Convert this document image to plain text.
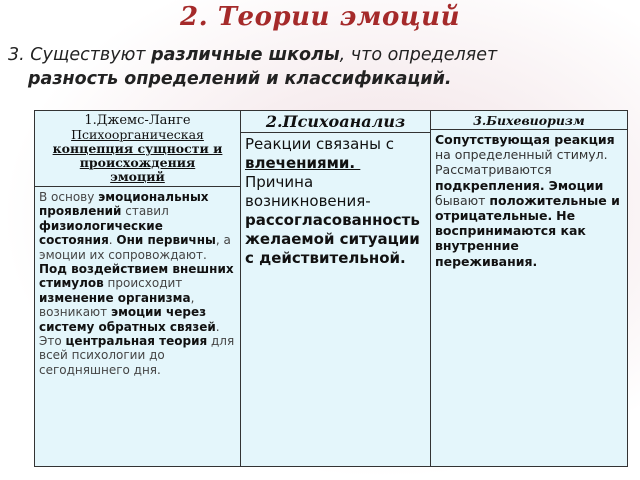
2. Теории эмоций
3. Существуют различные школы, что определяет
разность определений и классификаций.
1.Джемс-Ланге
Психоорганическая
концепция сущности и
происхождения
эмоций
В основу эмоциональных проявлений ставил физиологические состояния. Они первичны, а эмоции их сопровождают. Под воздействием внешних стимулов происходит изменение организма, возникают эмоции через систему обратных связей. Это центральная теория для всей психологии до сегодняшнего дня.
2.Психоанализ
Реакции связаны с влечениями.  Причина возникновения- рассогласованность желаемой ситуации с действительной.
3.Бихевиоризм
Сопутствующая реакция на определенный стимул. Рассматриваются подкрепления. Эмоции бывают положительные и отрицательные. Не воспринимаются как внутренние переживания.
